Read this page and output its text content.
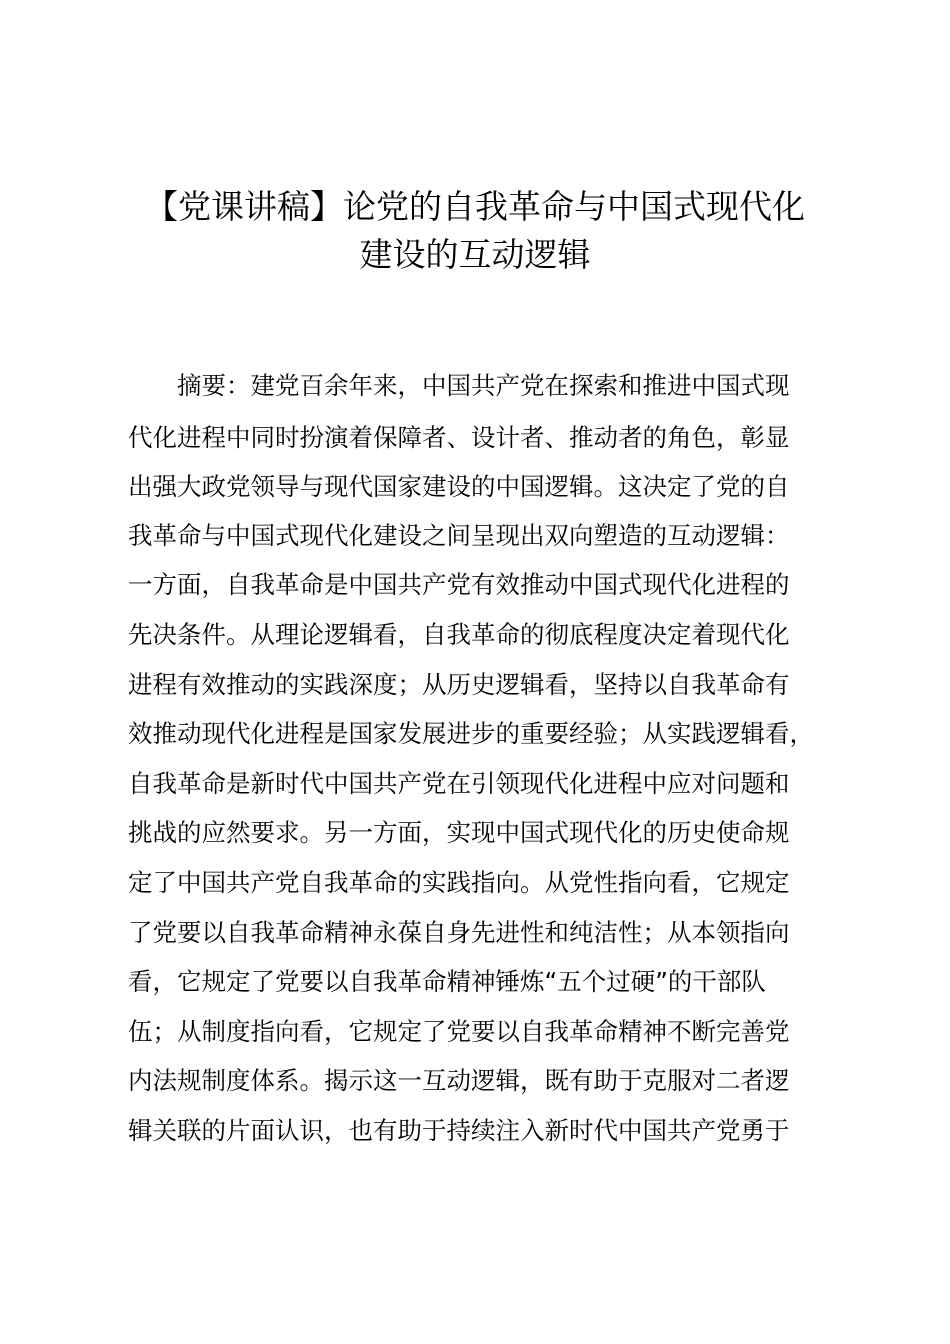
【党课讲稿】论党的自我革命与中国式现代化
建设的互动逻辑

　　摘要：建党百余年来，中国共产党在探索和推进中国式现

代化进程中同时扮演着保障者、设计者、推动者的角色，彰显

出强大政党领导与现代国家建设的中国逻辑。这决定了党的自

我革命与中国式现代化建设之间呈现出双向塑造的互动逻辑：

一方面，自我革命是中国共产党有效推动中国式现代化进程的

先决条件。从理论逻辑看，自我革命的彻底程度决定着现代化

进程有效推动的实践深度；从历史逻辑看，坚持以自我革命有

效推动现代化进程是国家发展进步的重要经验；从实践逻辑看，

自我革命是新时代中国共产党在引领现代化进程中应对问题和

挑战的应然要求。另一方面，实现中国式现代化的历史使命规

定了中国共产党自我革命的实践指向。从党性指向看，它规定

了党要以自我革命精神永葆自身先进性和纯洁性；从本领指向

看，它规定了党要以自我革命精神锤炼“五个过硬”的干部队

伍；从制度指向看，它规定了党要以自我革命精神不断完善党

内法规制度体系。揭示这一互动逻辑，既有助于克服对二者逻

辑关联的片面认识，也有助于持续注入新时代中国共产党勇于
